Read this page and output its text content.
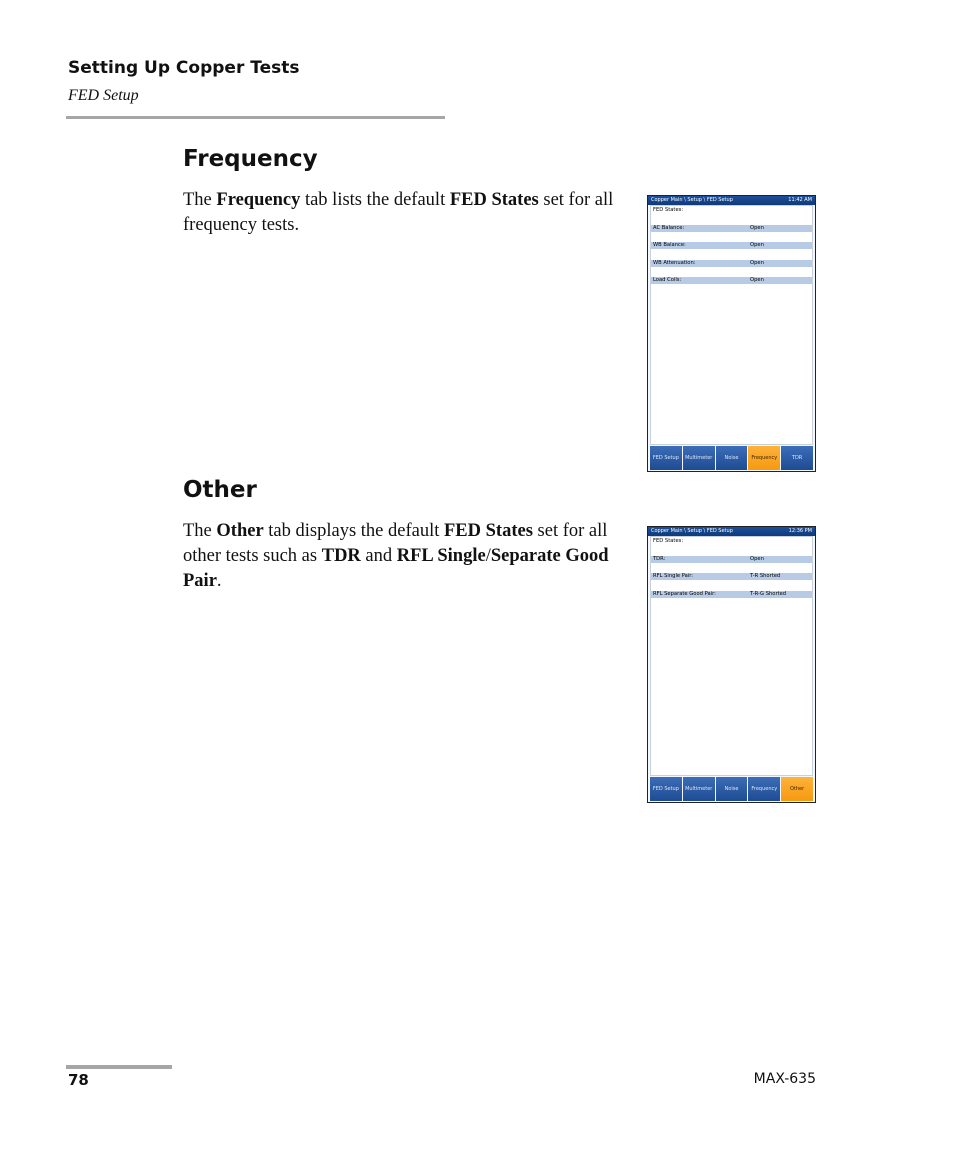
Setting Up Copper Tests
FED Setup
Frequency
The Frequency tab lists the default FED States set for all frequency tests.
Copper Main \ Setup \ FED Setup	11:42 AM
FED States:
AC Balance:	Open
WB Balance:	Open
WB Attenuation:	Open
Load Coils:	Open
FED Setup	Multimeter	Noise	Frequency	TDR
Other
The Other tab displays the default FED States set for all other tests such as TDR and RFL Single/Separate Good Pair.
Copper Main \ Setup \ FED Setup	12:36 PM
FED States:
TDR:	Open
RFL Single Pair:	T-R Shorted
RFL Separate Good Pair:	T-R-G Shorted
FED Setup	Multimeter	Noise	Frequency	Other
78	MAX-635
